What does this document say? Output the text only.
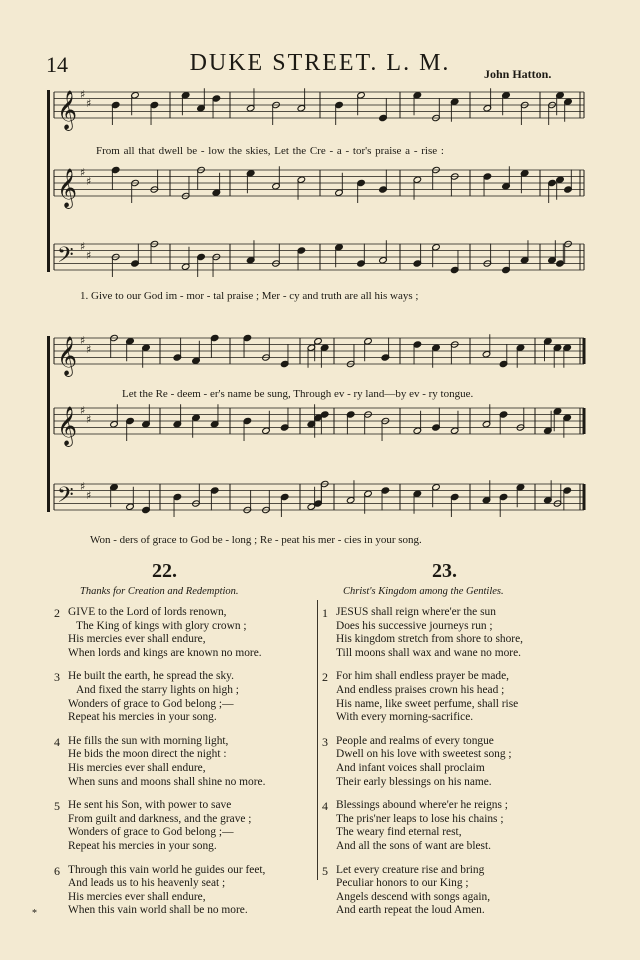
14	DUKE STREET. L. M.	John Hatton.
𝄞 ♯
♯
𝄞 ♯
♯
𝄢 ♯
♯
𝄞 ♯
♯
𝄞 ♯
♯
𝄢 ♯
♯
From all that dwell be - low the skies, Let the Cre - a - tor's praise a - rise :
1. Give to our God im - mor - tal praise ; Mer - cy and truth are all his ways ;
Let the Re - deem - er's name be sung, Through ev - ry land—by ev - ry tongue.
Won - ders of grace to God be - long ; Re - peat his mer - cies in your song.
22.	23.
Thanks for Creation and Redemption.	Christ's Kingdom among the Gentiles.
2 GIVE to the Lord of lords renown,
The King of kings with glory crown ;
His mercies ever shall endure,
When lords and kings are known no more.
3 He built the earth, he spread the sky.
And fixed the starry lights on high ;
Wonders of grace to God belong ;—
Repeat his mercies in your song.
4 He fills the sun with morning light,
He bids the moon direct the night :
His mercies ever shall endure,
When suns and moons shall shine no more.
5 He sent his Son, with power to save
From guilt and darkness, and the grave ;
Wonders of grace to God belong ;—
Repeat his mercies in your song.
6 Through this vain world he guides our feet,
And leads us to his heavenly seat ;
His mercies ever shall endure,
When this vain world shall be no more.
1 JESUS shall reign where'er the sun
Does his successive journeys run ;
His kingdom stretch from shore to shore,
Till moons shall wax and wane no more.
2 For him shall endless prayer be made,
And endless praises crown his head ;
His name, like sweet perfume, shall rise
With every morning-sacrifice.
3 People and realms of every tongue
Dwell on his love with sweetest song ;
And infant voices shall proclaim
Their early blessings on his name.
4 Blessings abound where'er he reigns ;
The pris'ner leaps to lose his chains ;
The weary find eternal rest,
And all the sons of want are blest.
5 Let every creature rise and bring
Peculiar honors to our King ;
Angels descend with songs again,
And earth repeat the loud Amen.
*
